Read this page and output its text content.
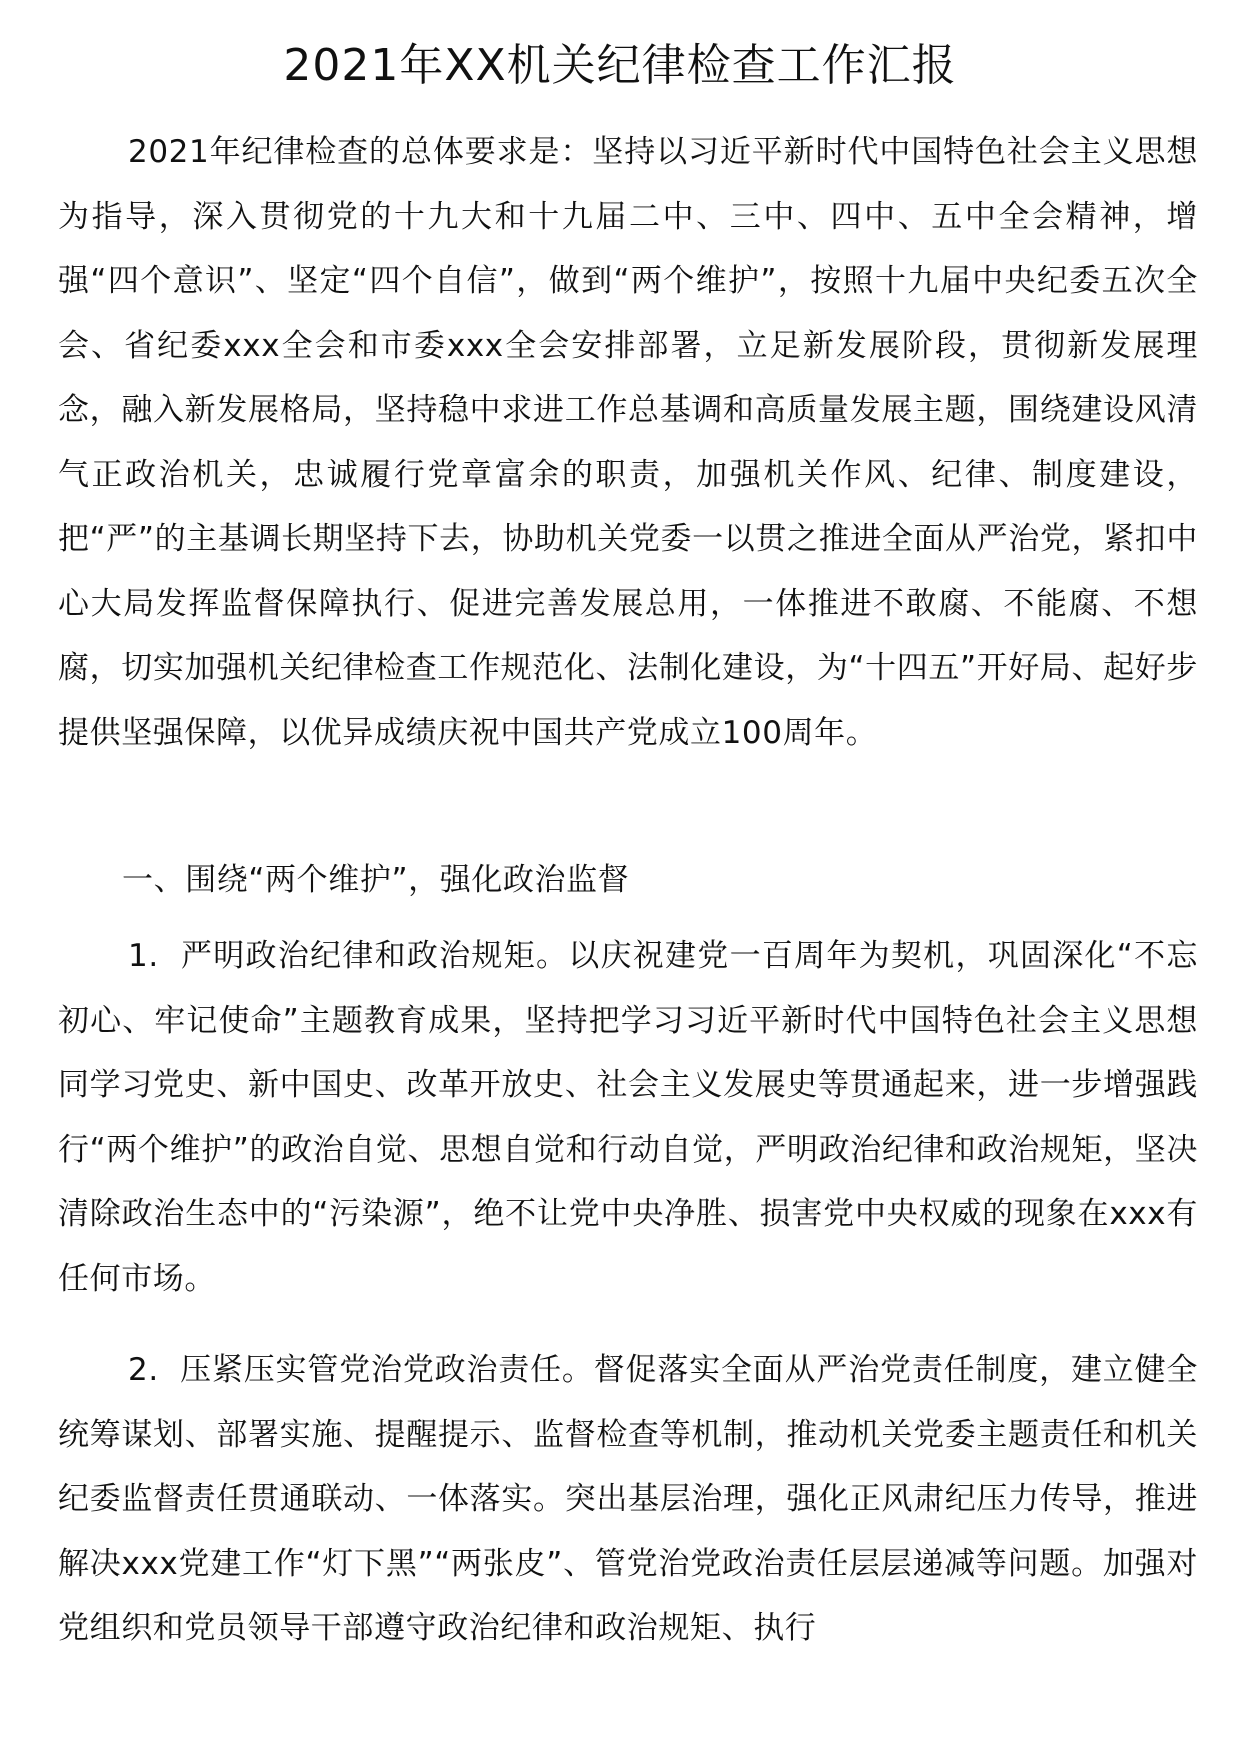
2021年XX机关纪律检查工作汇报

2021年纪律检查的总体要求是：坚持以习近平新时代中国特色社会主义思想为指导，深入贯彻党的十九大和十九届二中、三中、四中、五中全会精神，增强“四个意识”、坚定“四个自信”，做到“两个维护”，按照十九届中央纪委五次全会、省纪委xxx全会和市委xxx全会安排部署，立足新发展阶段，贯彻新发展理念，融入新发展格局，坚持稳中求进工作总基调和高质量发展主题，围绕建设风清气正政治机关，忠诚履行党章富余的职责，加强机关作风、纪律、制度建设，把“严”的主基调长期坚持下去，协助机关党委一以贯之推进全面从严治党，紧扣中心大局发挥监督保障执行、促进完善发展总用，一体推进不敢腐、不能腐、不想腐，切实加强机关纪律检查工作规范化、法制化建设，为“十四五”开好局、起好步提供坚强保障，以优异成绩庆祝中国共产党成立100周年。

一、围绕“两个维护”，强化政治监督

1.  严明政治纪律和政治规矩。以庆祝建党一百周年为契机，巩固深化“不忘初心、牢记使命”主题教育成果，坚持把学习习近平新时代中国特色社会主义思想同学习党史、新中国史、改革开放史、社会主义发展史等贯通起来，进一步增强践行“两个维护”的政治自觉、思想自觉和行动自觉，严明政治纪律和政治规矩，坚决清除政治生态中的“污染源”，绝不让党中央净胜、损害党中央权威的现象在xxx有任何市场。

2.  压紧压实管党治党政治责任。督促落实全面从严治党责任制度，建立健全统筹谋划、部署实施、提醒提示、监督检查等机制，推动机关党委主题责任和机关纪委监督责任贯通联动、一体落实。突出基层治理，强化正风肃纪压力传导，推进解决xxx党建工作“灯下黑”“两张皮”、管党治党政治责任层层递减等问题。加强对党组织和党员领导干部遵守政治纪律和政治规矩、执行
